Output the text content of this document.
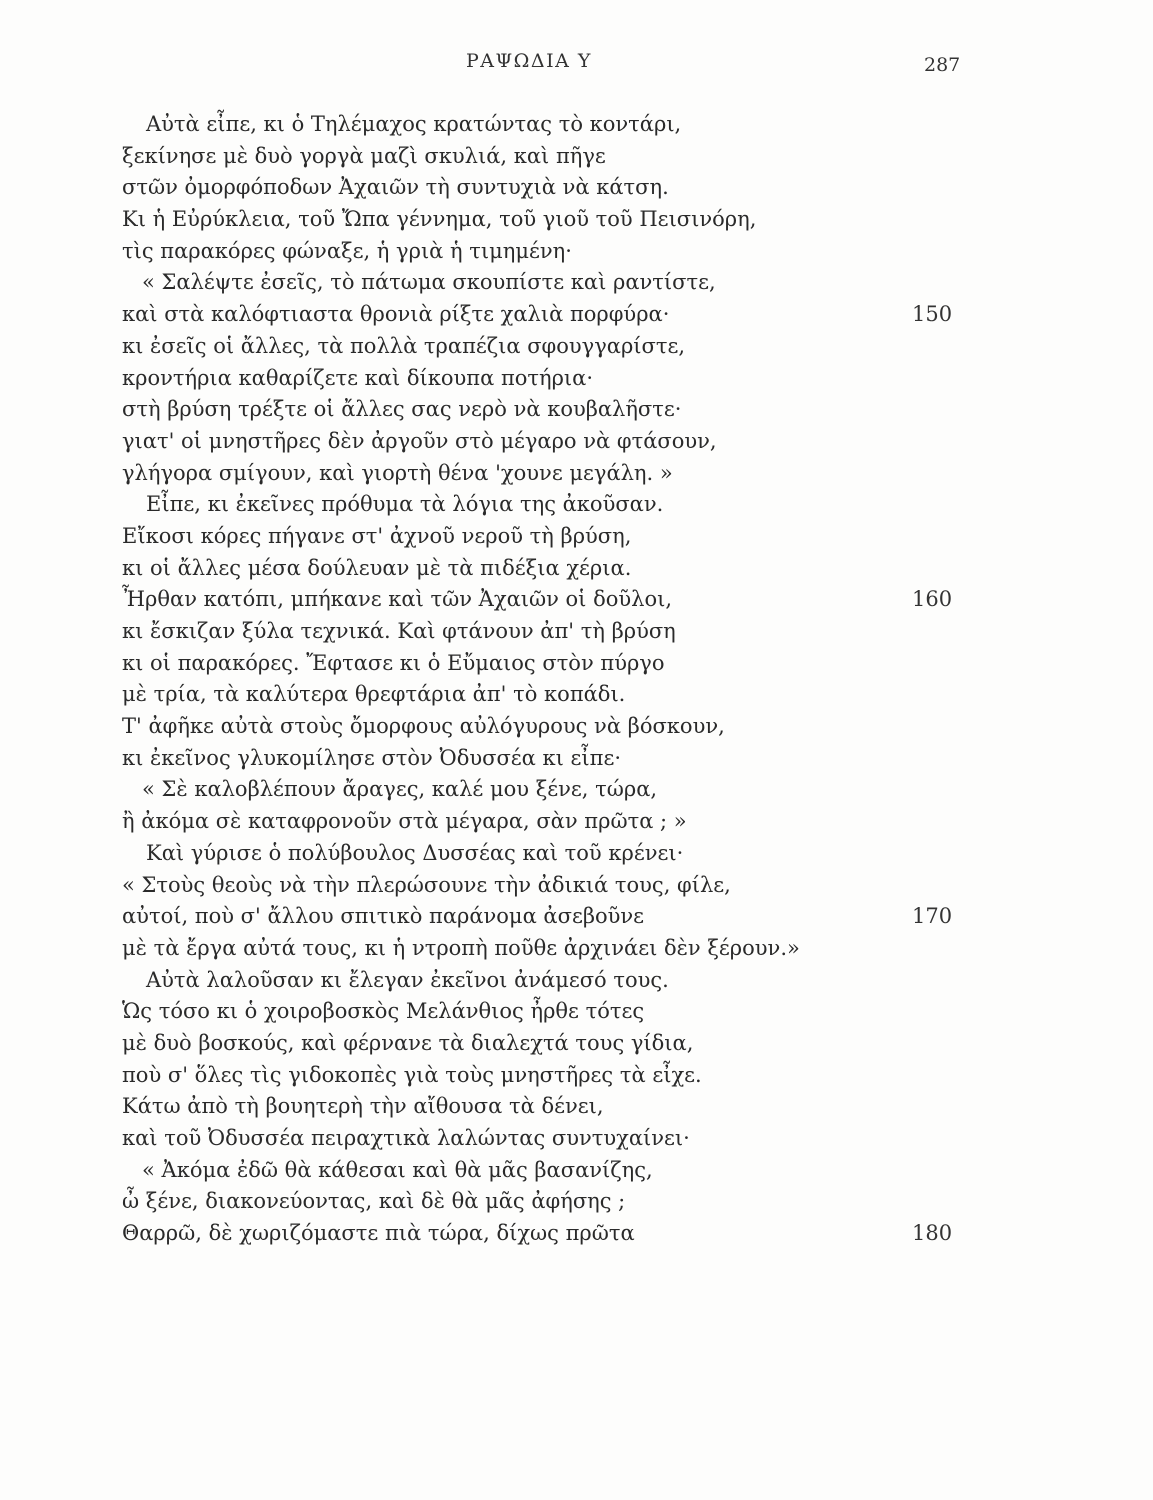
ΡΑΨΩΔΙΑ Υ	287
Αὐτὰ εἶπε, κι ὁ Τηλέμαχος κρατώντας τὸ κοντάρι,
ξεκίνησε μὲ δυὸ γοργὰ μαζὶ σκυλιά, καὶ πῆγε
στῶν ὀμορφόποδων Ἀχαιῶν τὴ συντυχιὰ νὰ κάτση.
Κι ἡ Εὐρύκλεια, τοῦ Ὤπα γέννημα, τοῦ γιοῦ τοῦ Πεισινόρη,
τὶς παρακόρες φώναξε, ἡ γριὰ ἡ τιμημένη·
« Σαλέψτε ἐσεῖς, τὸ πάτωμα σκουπίστε καὶ ραντίστε,
καὶ στὰ καλόφτιαστα θρονιὰ ρίξτε χαλιὰ πορφύρα·	150
κι ἐσεῖς οἱ ἄλλες, τὰ πολλὰ τραπέζια σφουγγαρίστε,
κροντήρια καθαρίζετε καὶ δίκουπα ποτήρια·
στὴ βρύση τρέξτε οἱ ἄλλες σας νερὸ νὰ κουβαλῆστε·
γιατ' οἱ μνηστῆρες δὲν ἀργοῦν στὸ μέγαρο νὰ φτάσουν,
γλήγορα σμίγουν, καὶ γιορτὴ θένα 'χουνε μεγάλη. »
Εἶπε, κι ἐκεῖνες πρόθυμα τὰ λόγια της ἀκοῦσαν.
Εἴκοσι κόρες πήγανε στ' ἀχνοῦ νεροῦ τὴ βρύση,
κι οἱ ἄλλες μέσα δούλευαν μὲ τὰ πιδέξια χέρια.
Ἦρθαν κατόπι, μπήκανε καὶ τῶν Ἀχαιῶν οἱ δοῦλοι,	160
κι ἔσκιζαν ξύλα τεχνικά. Καὶ φτάνουν ἀπ' τὴ βρύση
κι οἱ παρακόρες. Ἔφτασε κι ὁ Εὔμαιος στὸν πύργο
μὲ τρία, τὰ καλύτερα θρεφτάρια ἀπ' τὸ κοπάδι.
Τ' ἀφῆκε αὐτὰ στοὺς ὄμορφους αὐλόγυρους νὰ βόσκουν,
κι ἐκεῖνος γλυκομίλησε στὸν Ὀδυσσέα κι εἶπε·
« Σὲ καλοβλέπουν ἄραγες, καλέ μου ξένε, τώρα,
ἢ ἀκόμα σὲ καταφρονοῦν στὰ μέγαρα, σὰν πρῶτα ; »
Καὶ γύρισε ὁ πολύβουλος Δυσσέας καὶ τοῦ κρένει·
« Στοὺς θεοὺς νὰ τὴν πλερώσουνε τὴν ἀδικιά τους, φίλε,
αὐτοί, ποὺ σ' ἄλλου σπιτικὸ παράνομα ἀσεβοῦνε	170
μὲ τὰ ἔργα αὐτά τους, κι ἡ ντροπὴ ποῦθε ἀρχινάει δὲν ξέρουν.»
Αὐτὰ λαλοῦσαν κι ἔλεγαν ἐκεῖνοι ἀνάμεσό τους.
Ὡς τόσο κι ὁ χοιροβοσκὸς Μελάνθιος ἦρθε τότες
μὲ δυὸ βοσκούς, καὶ φέρνανε τὰ διαλεχτά τους γίδια,
ποὺ σ' ὅλες τὶς γιδοκοπὲς γιὰ τοὺς μνηστῆρες τὰ εἶχε.
Κάτω ἀπὸ τὴ βουητερὴ τὴν αἴθουσα τὰ δένει,
καὶ τοῦ Ὀδυσσέα πειραχτικὰ λαλώντας συντυχαίνει·
« Ἀκόμα ἐδῶ θὰ κάθεσαι καὶ θὰ μᾶς βασανίζης,
ὦ ξένε, διακονεύοντας, καὶ δὲ θὰ μᾶς ἀφήσης ;
Θαρρῶ, δὲ χωριζόμαστε πιὰ τώρα, δίχως πρῶτα	180
